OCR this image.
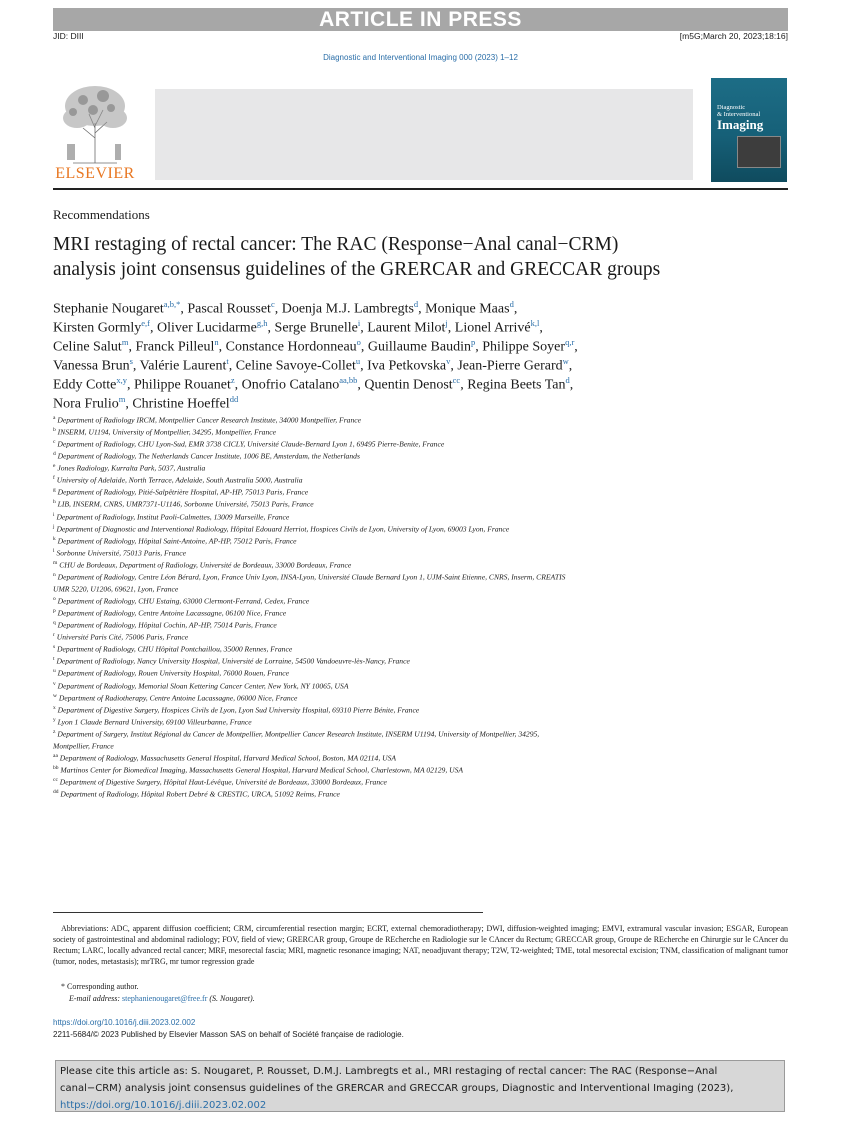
ARTICLE IN PRESS
JID: DIII	[m5G;March 20, 2023;18:16]
Diagnostic and Interventional Imaging 000 (2023) 1–12
ELSEVIER
Diagnostic
& Interventional
Imaging
Recommendations
MRI restaging of rectal cancer: The RAC (Response−Anal canal−CRM)
analysis joint consensus guidelines of the GRERCAR and GRECCAR groups
Stephanie Nougaret$^{a,b,*}$, Pascal Rousset$^c$, Doenja M.J. Lambregts$^d$, Monique Maas$^d$,
Kirsten Gormly$^{e,f}$, Oliver Lucidarme$^{g,h}$, Serge Brunelle$^i$, Laurent Milot$^j$, Lionel Arrivé$^{k,l}$,
Celine Salut$^m$, Franck Pilleul$^n$, Constance Hordonneau$^o$, Guillaume Baudin$^p$, Philippe Soyer$^{q,r}$,
Vanessa Brun$^s$, Valérie Laurent$^t$, Celine Savoye-Collet$^u$, Iva Petkovska$^v$, Jean-Pierre Gerard$^w$,
Eddy Cotte$^{x,y}$, Philippe Rouanet$^z$, Onofrio Catalano$^{aa,bb}$, Quentin Denost$^{cc}$, Regina Beets Tan$^d$,
Nora Frulio$^m$, Christine Hoeffel$^{dd}$
$^a$ Department of Radiology IRCM, Montpellier Cancer Research Institute, 34000 Montpellier, France
$^b$ INSERM, U1194, University of Montpellier, 34295, Montpellier, France
$^c$ Department of Radiology, CHU Lyon-Sud, EMR 3738 CICLY, Université Claude-Bernard Lyon 1, 69495 Pierre-Benite, France
$^d$ Department of Radiology, The Netherlands Cancer Institute, 1006 BE, Amsterdam, the Netherlands
$^e$ Jones Radiology, Kurralta Park, 5037, Australia
$^f$ University of Adelaide, North Terrace, Adelaide, South Australia 5000, Australia
$^g$ Department of Radiology, Pitié-Salpêtrière Hospital, AP-HP, 75013 Paris, France
$^h$ LIB, INSERM, CNRS, UMR7371-U1146, Sorbonne Université, 75013 Paris, France
$^i$ Department of Radiology, Institut Paoli-Calmettes, 13009 Marseille, France
$^j$ Department of Diagnostic and Interventional Radiology, Hôpital Edouard Herriot, Hospices Civils de Lyon, University of Lyon, 69003 Lyon, France
$^k$ Department of Radiology, Hôpital Saint-Antoine, AP-HP, 75012 Paris, France
$^l$ Sorbonne Université, 75013 Paris, France
$^m$ CHU de Bordeaux, Department of Radiology, Université de Bordeaux, 33000 Bordeaux, France
$^n$ Department of Radiology, Centre Léon Bérard, Lyon, France Univ Lyon, INSA-Lyon, Université Claude Bernard Lyon 1, UJM-Saint Etienne, CNRS, Inserm, CREATIS
UMR 5220, U1206, 69621, Lyon, France
$^o$ Department of Radiology, CHU Estaing, 63000 Clermont-Ferrand, Cedex, France
$^p$ Department of Radiology, Centre Antoine Lacassagne, 06100 Nice, France
$^q$ Department of Radiology, Hôpital Cochin, AP-HP, 75014 Paris, France
$^r$ Université Paris Cité, 75006 Paris, France
$^s$ Department of Radiology, CHU Hôpital Pontchaillou, 35000 Rennes, France
$^t$ Department of Radiology, Nancy University Hospital, Université de Lorraine, 54500 Vandoeuvre-lès-Nancy, France
$^u$ Department of Radiology, Rouen University Hospital, 76000 Rouen, France
$^v$ Department of Radiology, Memorial Sloan Kettering Cancer Center, New York, NY 10065, USA
$^w$ Department of Radiotherapy, Centre Antoine Lacassagne, 06000 Nice, France
$^x$ Department of Digestive Surgery, Hospices Civils de Lyon, Lyon Sud University Hospital, 69310 Pierre Bénite, France
$^y$ Lyon 1 Claude Bernard University, 69100 Villeurbanne, France
$^z$ Department of Surgery, Institut Régional du Cancer de Montpellier, Montpellier Cancer Research Institute, INSERM U1194, University of Montpellier, 34295,
Montpellier, France
$^{aa}$ Department of Radiology, Massachusetts General Hospital, Harvard Medical School, Boston, MA 02114, USA
$^{bb}$ Martinos Center for Biomedical Imaging, Massachusetts General Hospital, Harvard Medical School, Charlestown, MA 02129, USA
$^{cc}$ Department of Digestive Surgery, Hôpital Haut-Lévêque, Université de Bordeaux, 33000 Bordeaux, France
$^{dd}$ Department of Radiology, Hôpital Robert Debré & CRESTIC, URCA, 51092 Reims, France
Abbreviations: ADC, apparent diffusion coefficient; CRM, circumferential resection margin; ECRT, external chemoradiotherapy; DWI, diffusion-weighted imaging; EMVI, extramural vascular invasion; ESGAR, European society of gastrointestinal and abdominal radiology; FOV, field of view; GRERCAR group, Groupe de REcherche en Radiologie sur le CAncer du Rectum; GRECCAR group, Groupe de REcherche en Chirurgie sur le CAncer du Rectum; LARC, locally advanced rectal cancer; MRF, mesorectal fascia; MRI, magnetic resonance imaging; NAT, neoadjuvant therapy; T2W, T2-weighted; TME, total mesorectal excision; TNM, classification of malignant tumor (tumor, nodes, metastasis); mrTRG, mr tumor regression grade
* Corresponding author.
E-mail address: stephanienougaret@free.fr (S. Nougaret).
https://doi.org/10.1016/j.diii.2023.02.002
2211-5684/© 2023 Published by Elsevier Masson SAS on behalf of Société française de radiologie.
Please cite this article as: S. Nougaret, P. Rousset, D.M.J. Lambregts et al., MRI restaging of rectal cancer: The RAC (Response−Anal canal−CRM) analysis joint consensus guidelines of the GRERCAR and GRECCAR groups, Diagnostic and Interventional Imaging (2023), https://doi.org/10.1016/j.diii.2023.02.002
